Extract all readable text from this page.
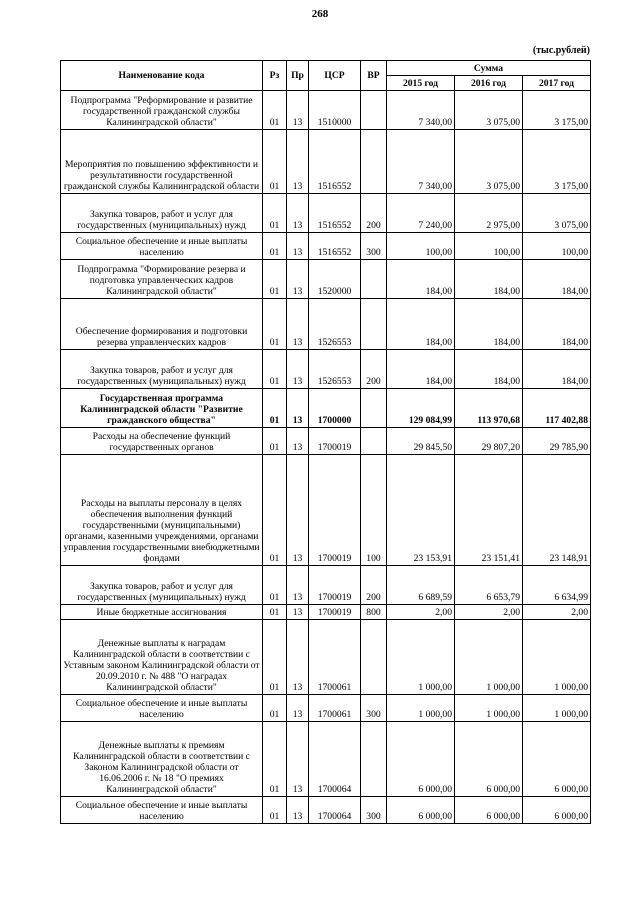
268
(тыс.рублей)
Наименование кода	Рз	Пр	ЦСР	ВР	Сумма		
					2015 год	2016 год	2017 год
Подпрограмма "Реформирование и развитие государственной гражданской службы Калининградской области"	01	13	1510000		7 340,00	3 075,00	3 175,00
Мероприятия по повышению эффективности и результативности государственной гражданской службы Калининградской области	01	13	1516552		7 340,00	3 075,00	3 175,00
Закупка товаров, работ и услуг для государственных (муниципальных) нужд	01	13	1516552	200	7 240,00	2 975,00	3 075,00
Социальное обеспечение и иные выплаты населению	01	13	1516552	300	100,00	100,00	100,00
Подпрограмма "Формирование резерва и подготовка управленческих кадров Калининградской области"	01	13	1520000		184,00	184,00	184,00
Обеспечение формирования и подготовки резерва управленческих кадров	01	13	1526553		184,00	184,00	184,00
Закупка товаров, работ и услуг для государственных (муниципальных) нужд	01	13	1526553	200	184,00	184,00	184,00
Государственная программа Калининградской области "Развитие гражданского общества"	01	13	1700000		129 084,99	113 970,68	117 402,88
Расходы на обеспечение функций государственных органов	01	13	1700019		29 845,50	29 807,20	29 785,90
Расходы на выплаты персоналу в целях обеспечения выполнения функций государственными (муниципальными) органами, казенными учреждениями, органами управления государственными внебюджетными фондами	01	13	1700019	100	23 153,91	23 151,41	23 148,91
Закупка товаров, работ и услуг для государственных (муниципальных) нужд	01	13	1700019	200	6 689,59	6 653,79	6 634,99
Иные бюджетные ассигнования	01	13	1700019	800	2,00	2,00	2,00
Денежные выплаты к наградам Калининградской области в соответствии с Уставным законом Калининградской области от 20.09.2010 г. № 488 "О наградах Калининградской области"	01	13	1700061		1 000,00	1 000,00	1 000,00
Социальное обеспечение и иные выплаты населению	01	13	1700061	300	1 000,00	1 000,00	1 000,00
Денежные выплаты к премиям Калининградской области в соответствии с Законом Калининградской области от 16.06.2006 г. № 18 "О премиях Калининградской области"	01	13	1700064		6 000,00	6 000,00	6 000,00
Социальное обеспечение и иные выплаты населению	01	13	1700064	300	6 000,00	6 000,00	6 000,00
